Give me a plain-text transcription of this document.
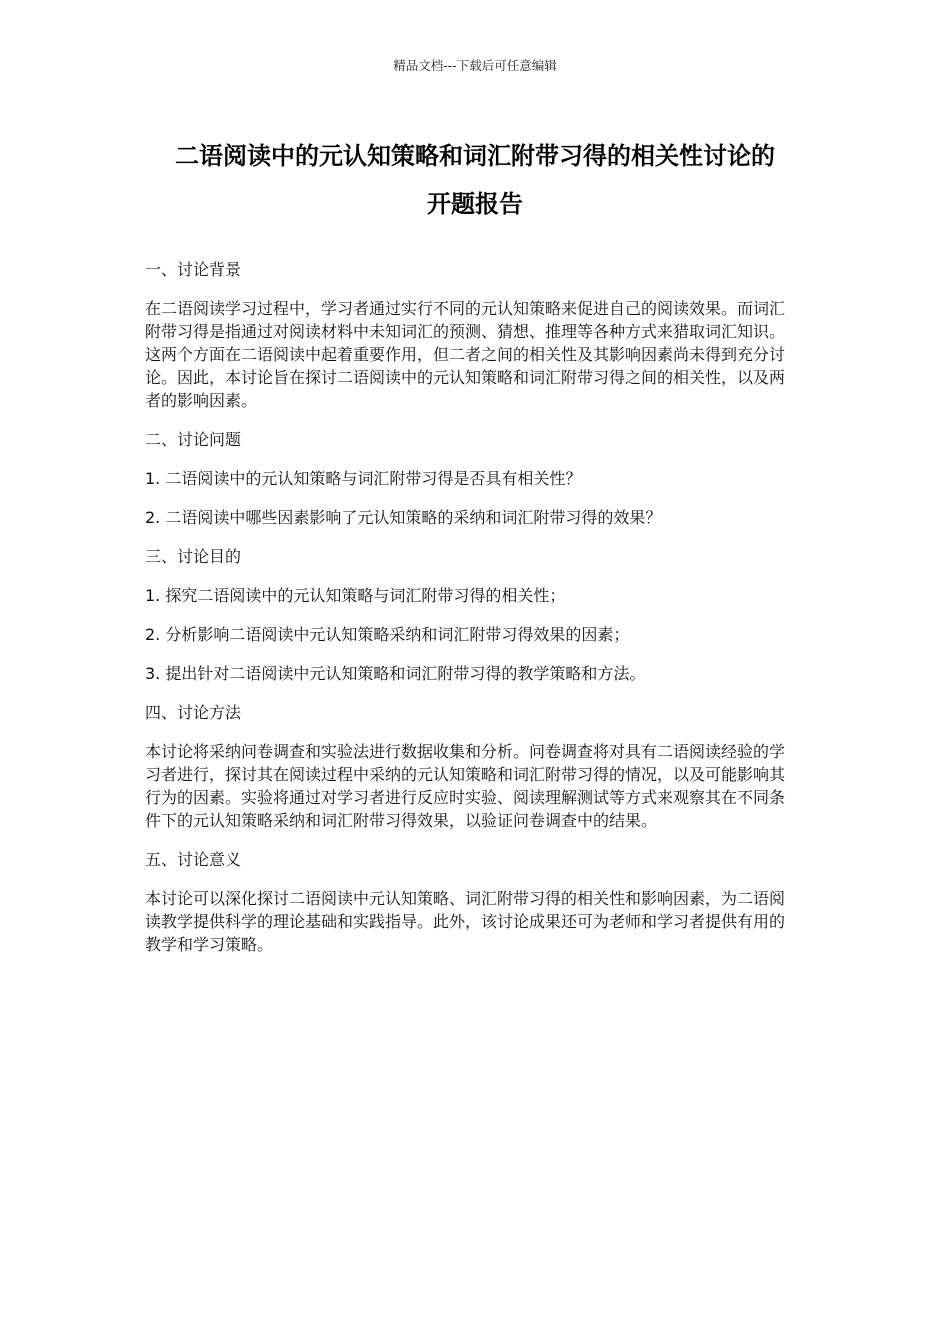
精品文档---下载后可任意编辑
二语阅读中的元认知策略和词汇附带习得的相关性讨论的
开题报告

一、讨论背景

在二语阅读学习过程中，学习者通过实行不同的元认知策略来促进自己的阅读效果。而词汇附带习得是指通过对阅读材料中未知词汇的预测、猜想、推理等各种方式来猎取词汇知识。这两个方面在二语阅读中起着重要作用，但二者之间的相关性及其影响因素尚未得到充分讨论。因此，本讨论旨在探讨二语阅读中的元认知策略和词汇附带习得之间的相关性，以及两者的影响因素。

二、讨论问题

1. 二语阅读中的元认知策略与词汇附带习得是否具有相关性？

2. 二语阅读中哪些因素影响了元认知策略的采纳和词汇附带习得的效果？

三、讨论目的

1. 探究二语阅读中的元认知策略与词汇附带习得的相关性；

2. 分析影响二语阅读中元认知策略采纳和词汇附带习得效果的因素；

3. 提出针对二语阅读中元认知策略和词汇附带习得的教学策略和方法。

四、讨论方法

本讨论将采纳问卷调查和实验法进行数据收集和分析。问卷调查将对具有二语阅读经验的学习者进行，探讨其在阅读过程中采纳的元认知策略和词汇附带习得的情况，以及可能影响其行为的因素。实验将通过对学习者进行反应时实验、阅读理解测试等方式来观察其在不同条件下的元认知策略采纳和词汇附带习得效果，以验证问卷调查中的结果。

五、讨论意义

本讨论可以深化探讨二语阅读中元认知策略、词汇附带习得的相关性和影响因素，为二语阅读教学提供科学的理论基础和实践指导。此外，该讨论成果还可为老师和学习者提供有用的教学和学习策略。
